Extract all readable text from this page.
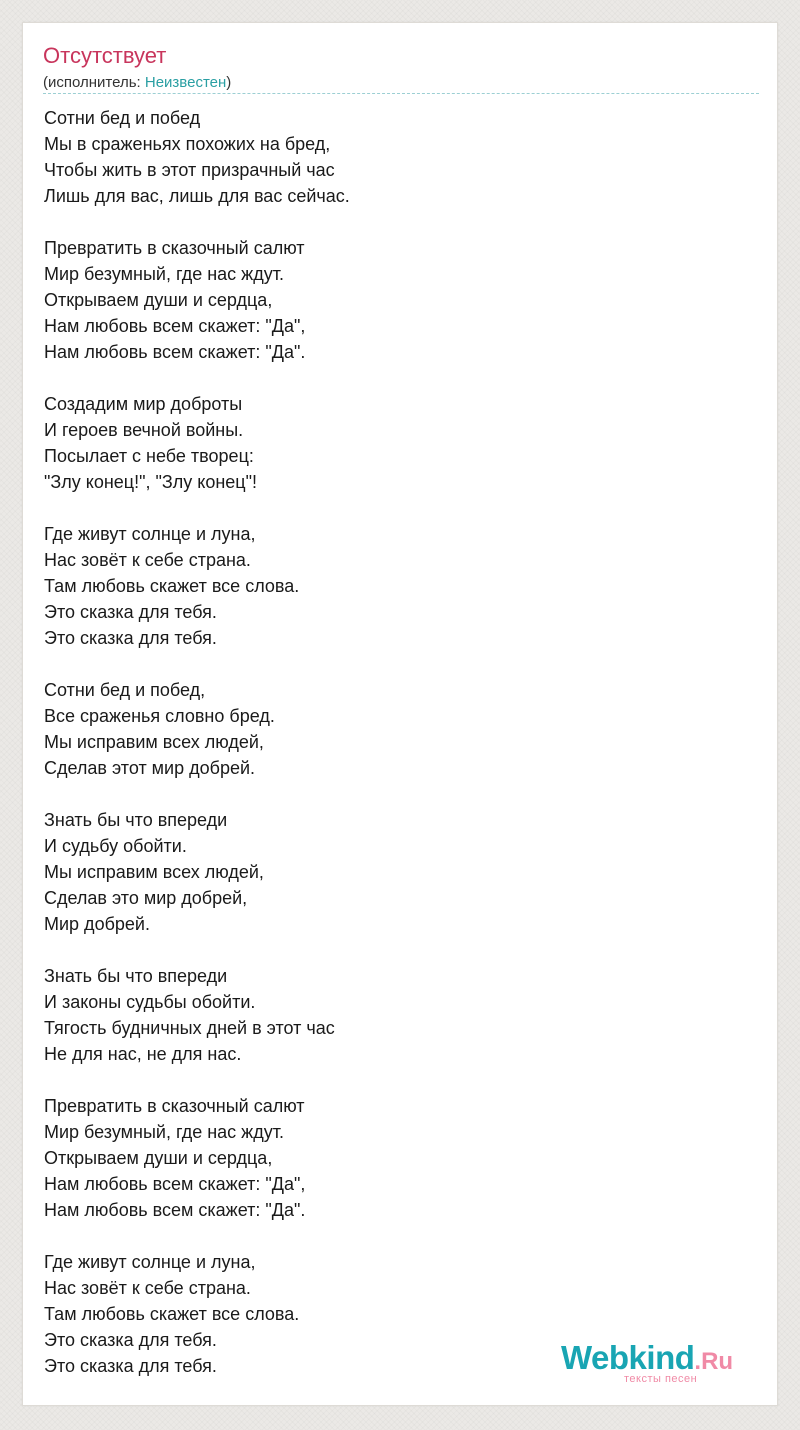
Отсутствует
(исполнитель: Неизвестен)
Сотни бед и побед
Мы в сраженьях похожих на бред,
Чтобы жить в этот призрачный час
Лишь для вас, лишь для вас сейчас.
Превратить в сказочный салют
Мир безумный, где нас ждут.
Открываем души и сердца,
Нам любовь всем скажет: "Да",
Нам любовь всем скажет: "Да".
Создадим мир доброты
И героев вечной войны.
Посылает с небе творец:
"Злу конец!", "Злу конец"!
Где живут солнце и луна,
Нас зовёт к себе страна.
Там любовь скажет все слова.
Это сказка для тебя.
Это сказка для тебя.
Сотни бед и побед,
Все сраженья словно бред.
Мы исправим всех людей,
Сделав этот мир добрей.
Знать бы что впереди
И судьбу обойти.
Мы исправим всех людей,
Сделав это мир добрей,
Мир добрей.
Знать бы что впереди
И законы судьбы обойти.
Тягость будничных дней в этот час
Не для нас, не для нас.
Превратить в сказочный салют
Мир безумный, где нас ждут.
Открываем души и сердца,
Нам любовь всем скажет: "Да",
Нам любовь всем скажет: "Да".
Где живут солнце и луна,
Нас зовёт к себе страна.
Там любовь скажет все слова.
Это сказка для тебя.
Это сказка для тебя.	Webkind.Ru
тексты песен
